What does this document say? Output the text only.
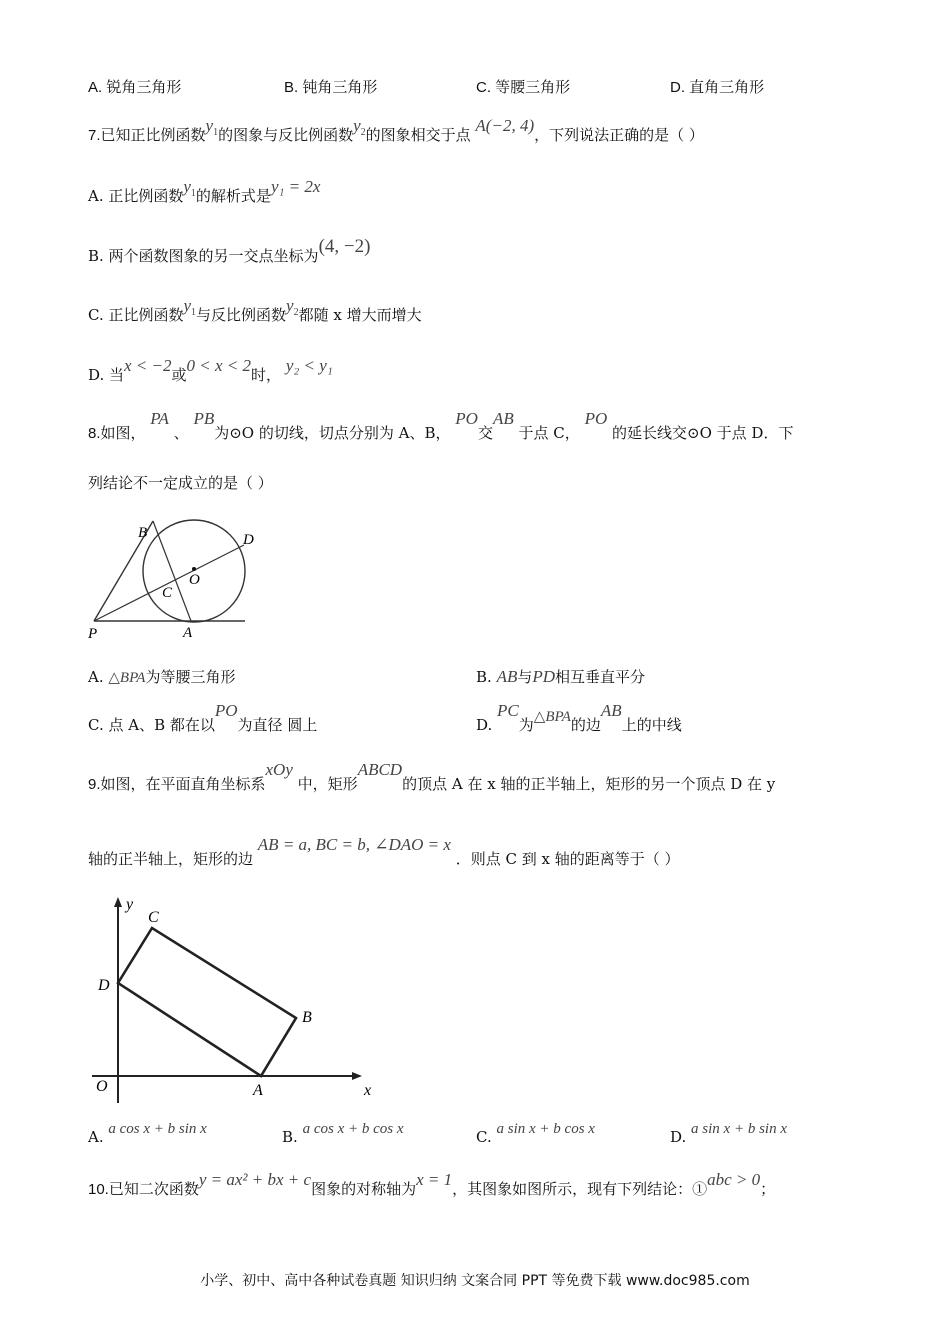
A. 锐角三角形	B. 钝角三角形	C. 等腰三角形	D. 直角三角形
7.已知正比例函数$y_1$的图象与反比例函数$y_2$的图象相交于点 A(−2, 4)，下列说法正确的是（ ）
A. 正比例函数$y_1$的解析式是y₁ = 2x
B. 两个函数图象的另一交点坐标为(4, −2)
C. 正比例函数$y_1$与反比例函数$y_2$都随 x 增大而增大
D. 当x < −2或0 < x < 2时， y₂ < y₁
8.如图， PA 、 PB为⊙O 的切线，切点分别为 A、B， PO交AB 于点 C， PO 的延长线交⊙O 于点 D．下
列结论不一定成立的是（ ）
B	D
O
C
P	A
A. △BPA为等腰三角形	B. AB与PD相互垂直平分
C. 点 A、B 都在以PO为直径 圆上	D. PC为△BPA的边AB上的中线
9.如图，在平面直角坐标系xOy 中，矩形ABCD的顶点 A 在 x 轴的正半轴上，矩形的另一个顶点 D 在 y
轴的正半轴上，矩形的边 AB = a, BC = b, ∠DAO = x ．则点 C 到 x 轴的距离等于（ ）
y
C
D
B
O	A	x
A. a cos x + b sin x	B. a cos x + b cos x	C. a sin x + b cos x	D. a sin x + b sin x
10.已知二次函数y = ax² + bx + c图象的对称轴为x = 1，其图象如图所示，现有下列结论：①abc > 0；
小学、初中、高中各种试卷真题 知识归纳 文案合同 PPT 等免费下载 www.doc985.com
